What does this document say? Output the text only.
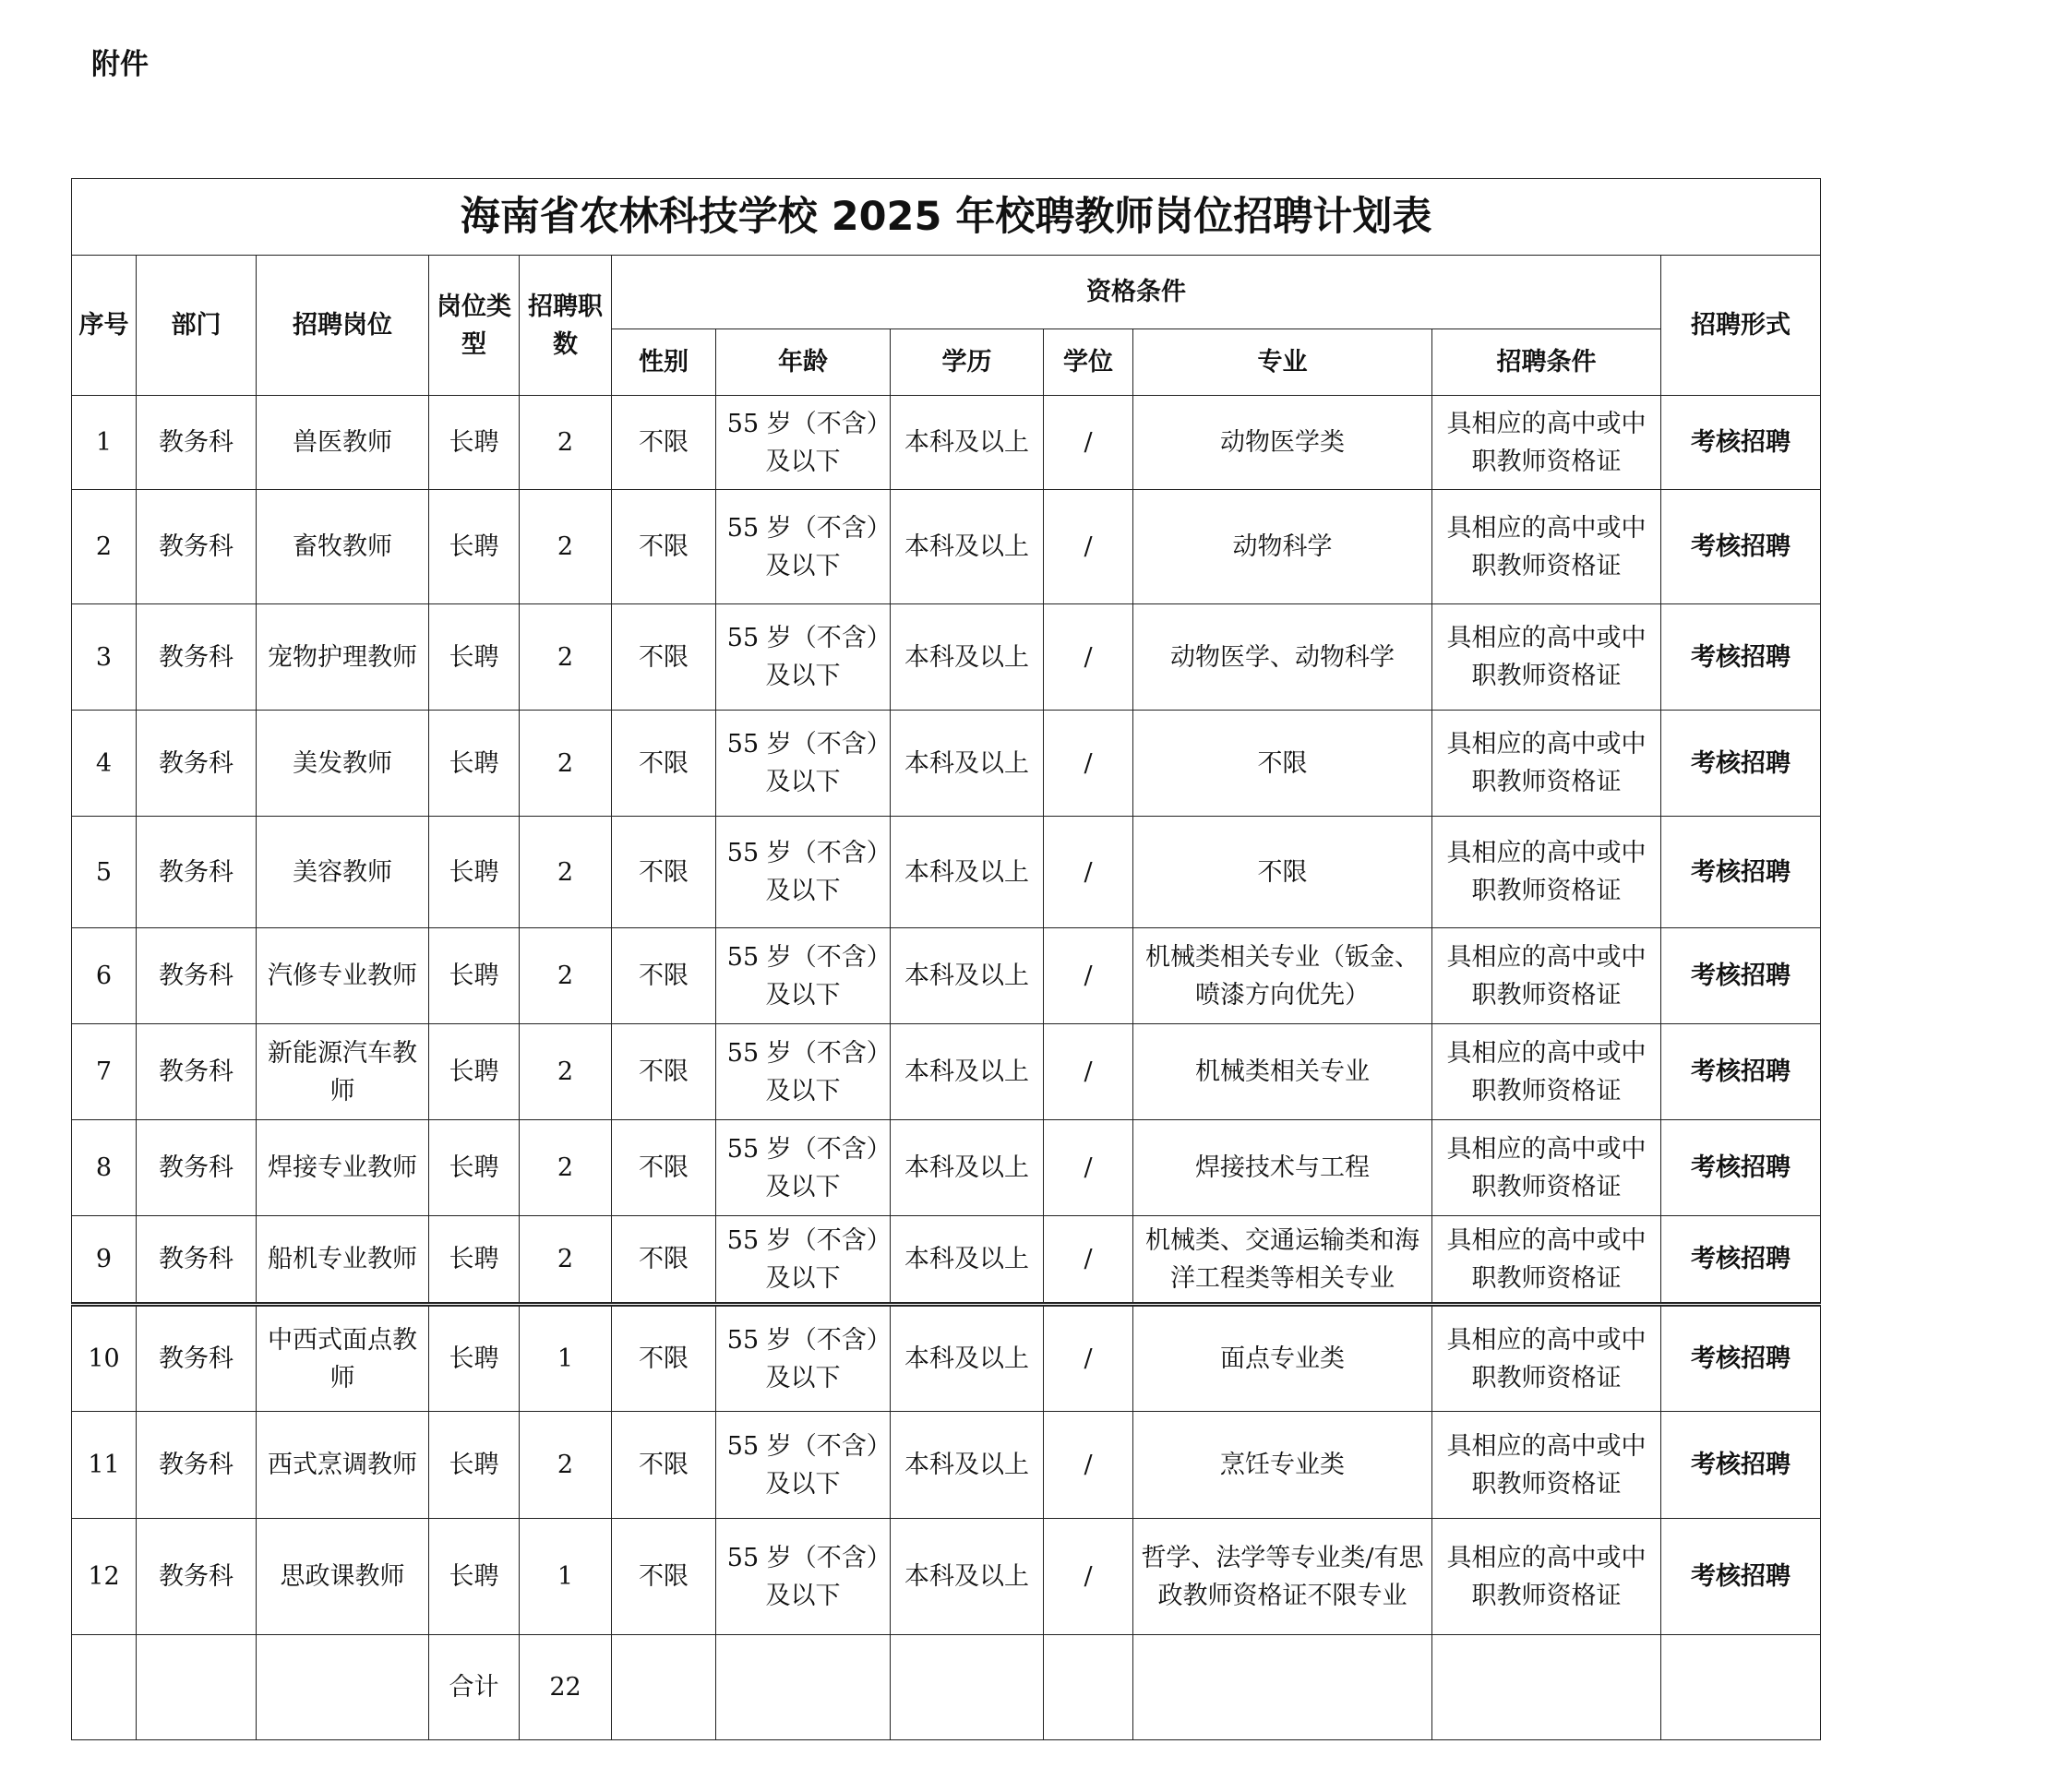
附件
海南省农林科技学校 2025 年校聘教师岗位招聘计划表											
序号	部门	招聘岗位	岗位类型	招聘职数	资格条件						招聘形式
					性别	年龄	学历	学位	专业	招聘条件	
1	教务科	兽医教师	长聘	2	不限	55 岁（不含）及以下	本科及以上	/	动物医学类	具相应的高中或中职教师资格证	考核招聘
2	教务科	畜牧教师	长聘	2	不限	55 岁（不含）及以下	本科及以上	/	动物科学	具相应的高中或中职教师资格证	考核招聘
3	教务科	宠物护理教师	长聘	2	不限	55 岁（不含）及以下	本科及以上	/	动物医学、动物科学	具相应的高中或中职教师资格证	考核招聘
4	教务科	美发教师	长聘	2	不限	55 岁（不含）及以下	本科及以上	/	不限	具相应的高中或中职教师资格证	考核招聘
5	教务科	美容教师	长聘	2	不限	55 岁（不含）及以下	本科及以上	/	不限	具相应的高中或中职教师资格证	考核招聘
6	教务科	汽修专业教师	长聘	2	不限	55 岁（不含）及以下	本科及以上	/	机械类相关专业（钣金、喷漆方向优先）	具相应的高中或中职教师资格证	考核招聘
7	教务科	新能源汽车教师	长聘	2	不限	55 岁（不含）及以下	本科及以上	/	机械类相关专业	具相应的高中或中职教师资格证	考核招聘
8	教务科	焊接专业教师	长聘	2	不限	55 岁（不含）及以下	本科及以上	/	焊接技术与工程	具相应的高中或中职教师资格证	考核招聘
9	教务科	船机专业教师	长聘	2	不限	55 岁（不含）及以下	本科及以上	/	机械类、交通运输类和海洋工程类等相关专业	具相应的高中或中职教师资格证	考核招聘
10	教务科	中西式面点教师	长聘	1	不限	55 岁（不含）及以下	本科及以上	/	面点专业类	具相应的高中或中职教师资格证	考核招聘
11	教务科	西式烹调教师	长聘	2	不限	55 岁（不含）及以下	本科及以上	/	烹饪专业类	具相应的高中或中职教师资格证	考核招聘
12	教务科	思政课教师	长聘	1	不限	55 岁（不含）及以下	本科及以上	/	哲学、法学等专业类/有思政教师资格证不限专业	具相应的高中或中职教师资格证	考核招聘
			合计	22							
